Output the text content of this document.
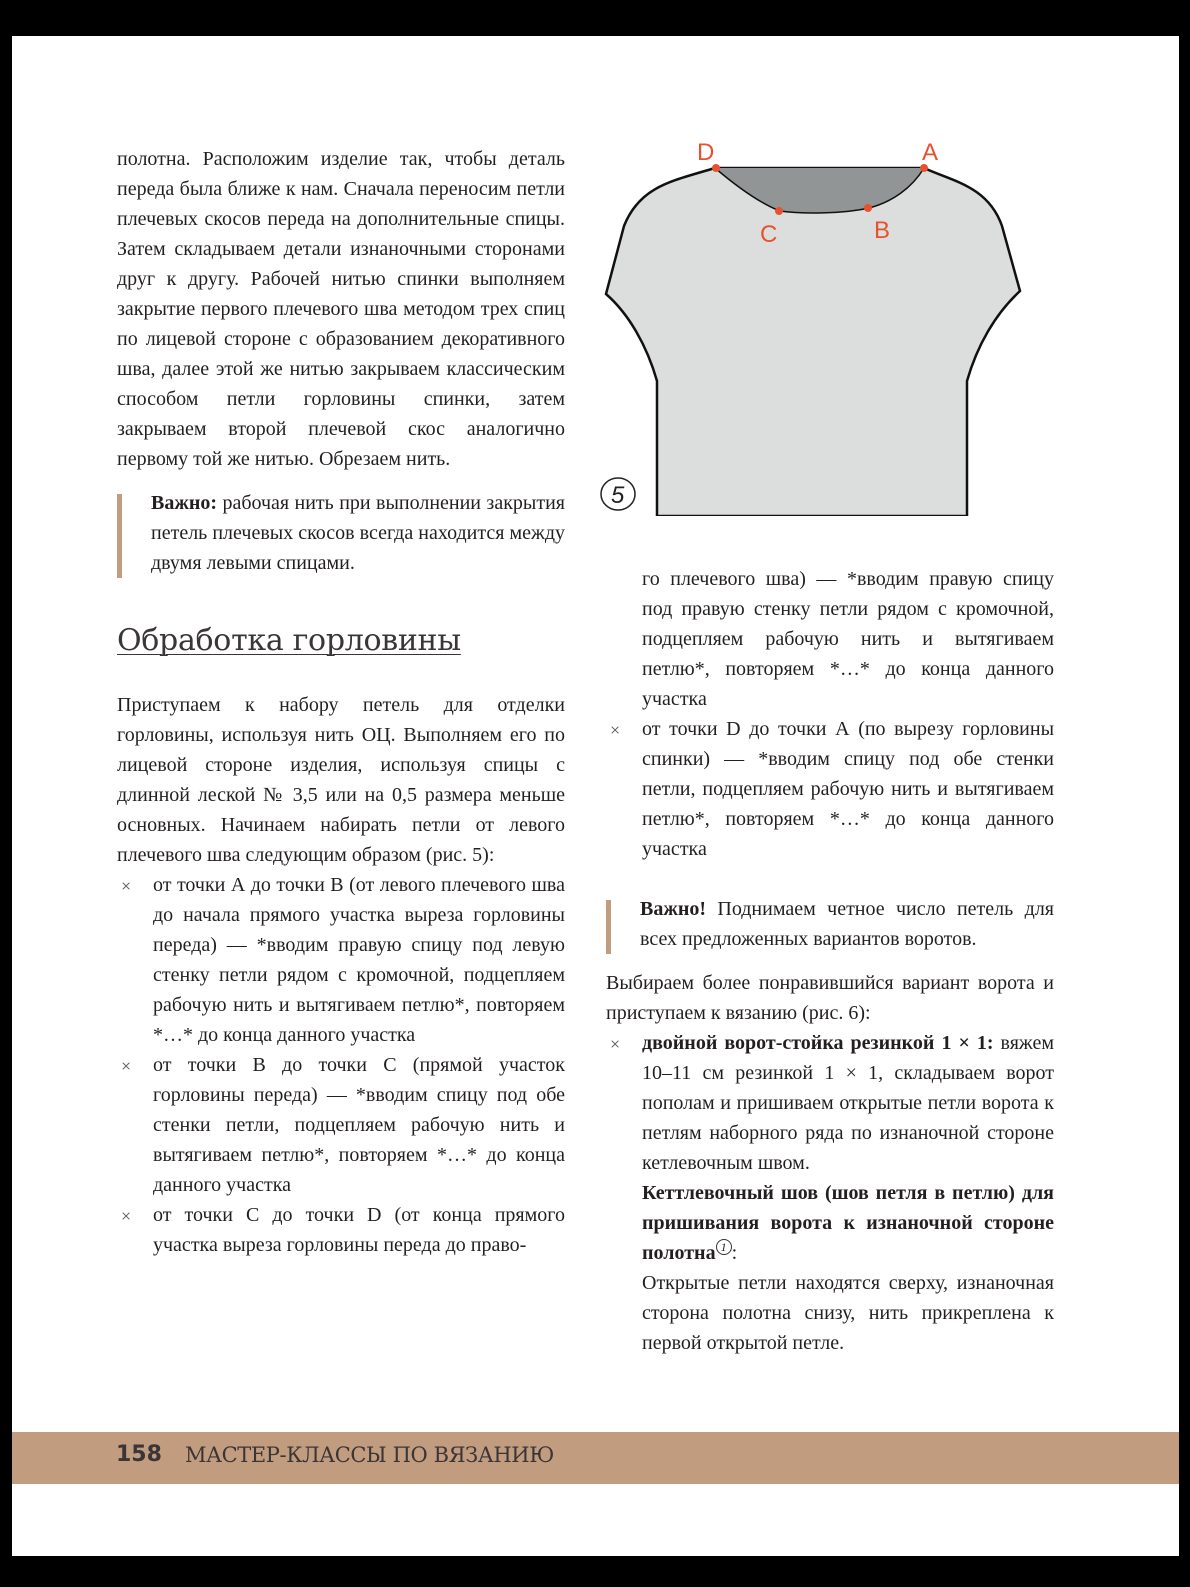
полотна. Расположим изделие так, чтобы деталь переда была ближе к нам. Сначала переносим петли плечевых скосов переда на дополнительные спицы. Затем складываем детали изнаночными сторонами друг к другу. Рабочей нитью спинки выполняем закрытие первого плечевого шва методом трех спиц по лицевой стороне с образованием декоративного шва, далее этой же нитью закрываем классическим способом петли горловины спинки, затем закрываем второй плечевой скос аналогично первому той же нитью. Обрезаем нить.

Важно: рабочая нить при выполнении закрытия петель плечевых скосов всегда находится между двумя левыми спицами.

Обработка горловины

Приступаем к набору петель для отделки горловины, используя нить ОЦ. Выполняем его по лицевой стороне изделия, используя спицы с длинной леской № 3,5 или на 0,5 размера меньше основных. Начинаем набирать петли от левого плечевого шва следующим образом (рис. 5):

× от точки А до точки В (от левого плечевого шва до начала прямого участка выреза горловины переда) — *вводим правую спицу под левую стенку петли рядом с кромочной, подцепляем рабочую нить и вытягиваем петлю*, повторяем *…* до конца данного участка
× от точки В до точки С (прямой участок горловины переда) — *вводим спицу под обе стенки петли, подцепляем рабочую нить и вытягиваем петлю*, повторяем *…* до конца данного участка
× от точки С до точки D (от конца прямого участка выреза горловины переда до право-
D	A
C	B
5

го плечевого шва) — *вводим правую спицу под правую стенку петли рядом с кромочной, подцепляем рабочую нить и вытягиваем петлю*, повторяем *…* до конца данного участка

× от точки D до точки А (по вырезу горловины спинки) — *вводим спицу под обе стенки петли, подцепляем рабочую нить и вытягиваем петлю*, повторяем *…* до конца данного участка

Важно! Поднимаем четное число петель для всех предложенных вариантов воротов.

Выбираем более понравившийся вариант ворота и приступаем к вязанию (рис. 6):

× двойной ворот-стойка резинкой 1 × 1: вяжем 10–11 см резинкой 1 × 1, складываем ворот пополам и пришиваем открытые петли ворота к петлям наборного ряда по изнаночной стороне кетлевочным швом.
Кеттлевочный шов (шов петля в петлю) для пришивания ворота к изнаночной стороне полотна $^1$ :
Открытые петли находятся сверху, изнаночная сторона полотна снизу, нить прикреплена к первой открытой петле.
158 МАСТЕР-КЛАССЫ ПО ВЯЗАНИЮ
